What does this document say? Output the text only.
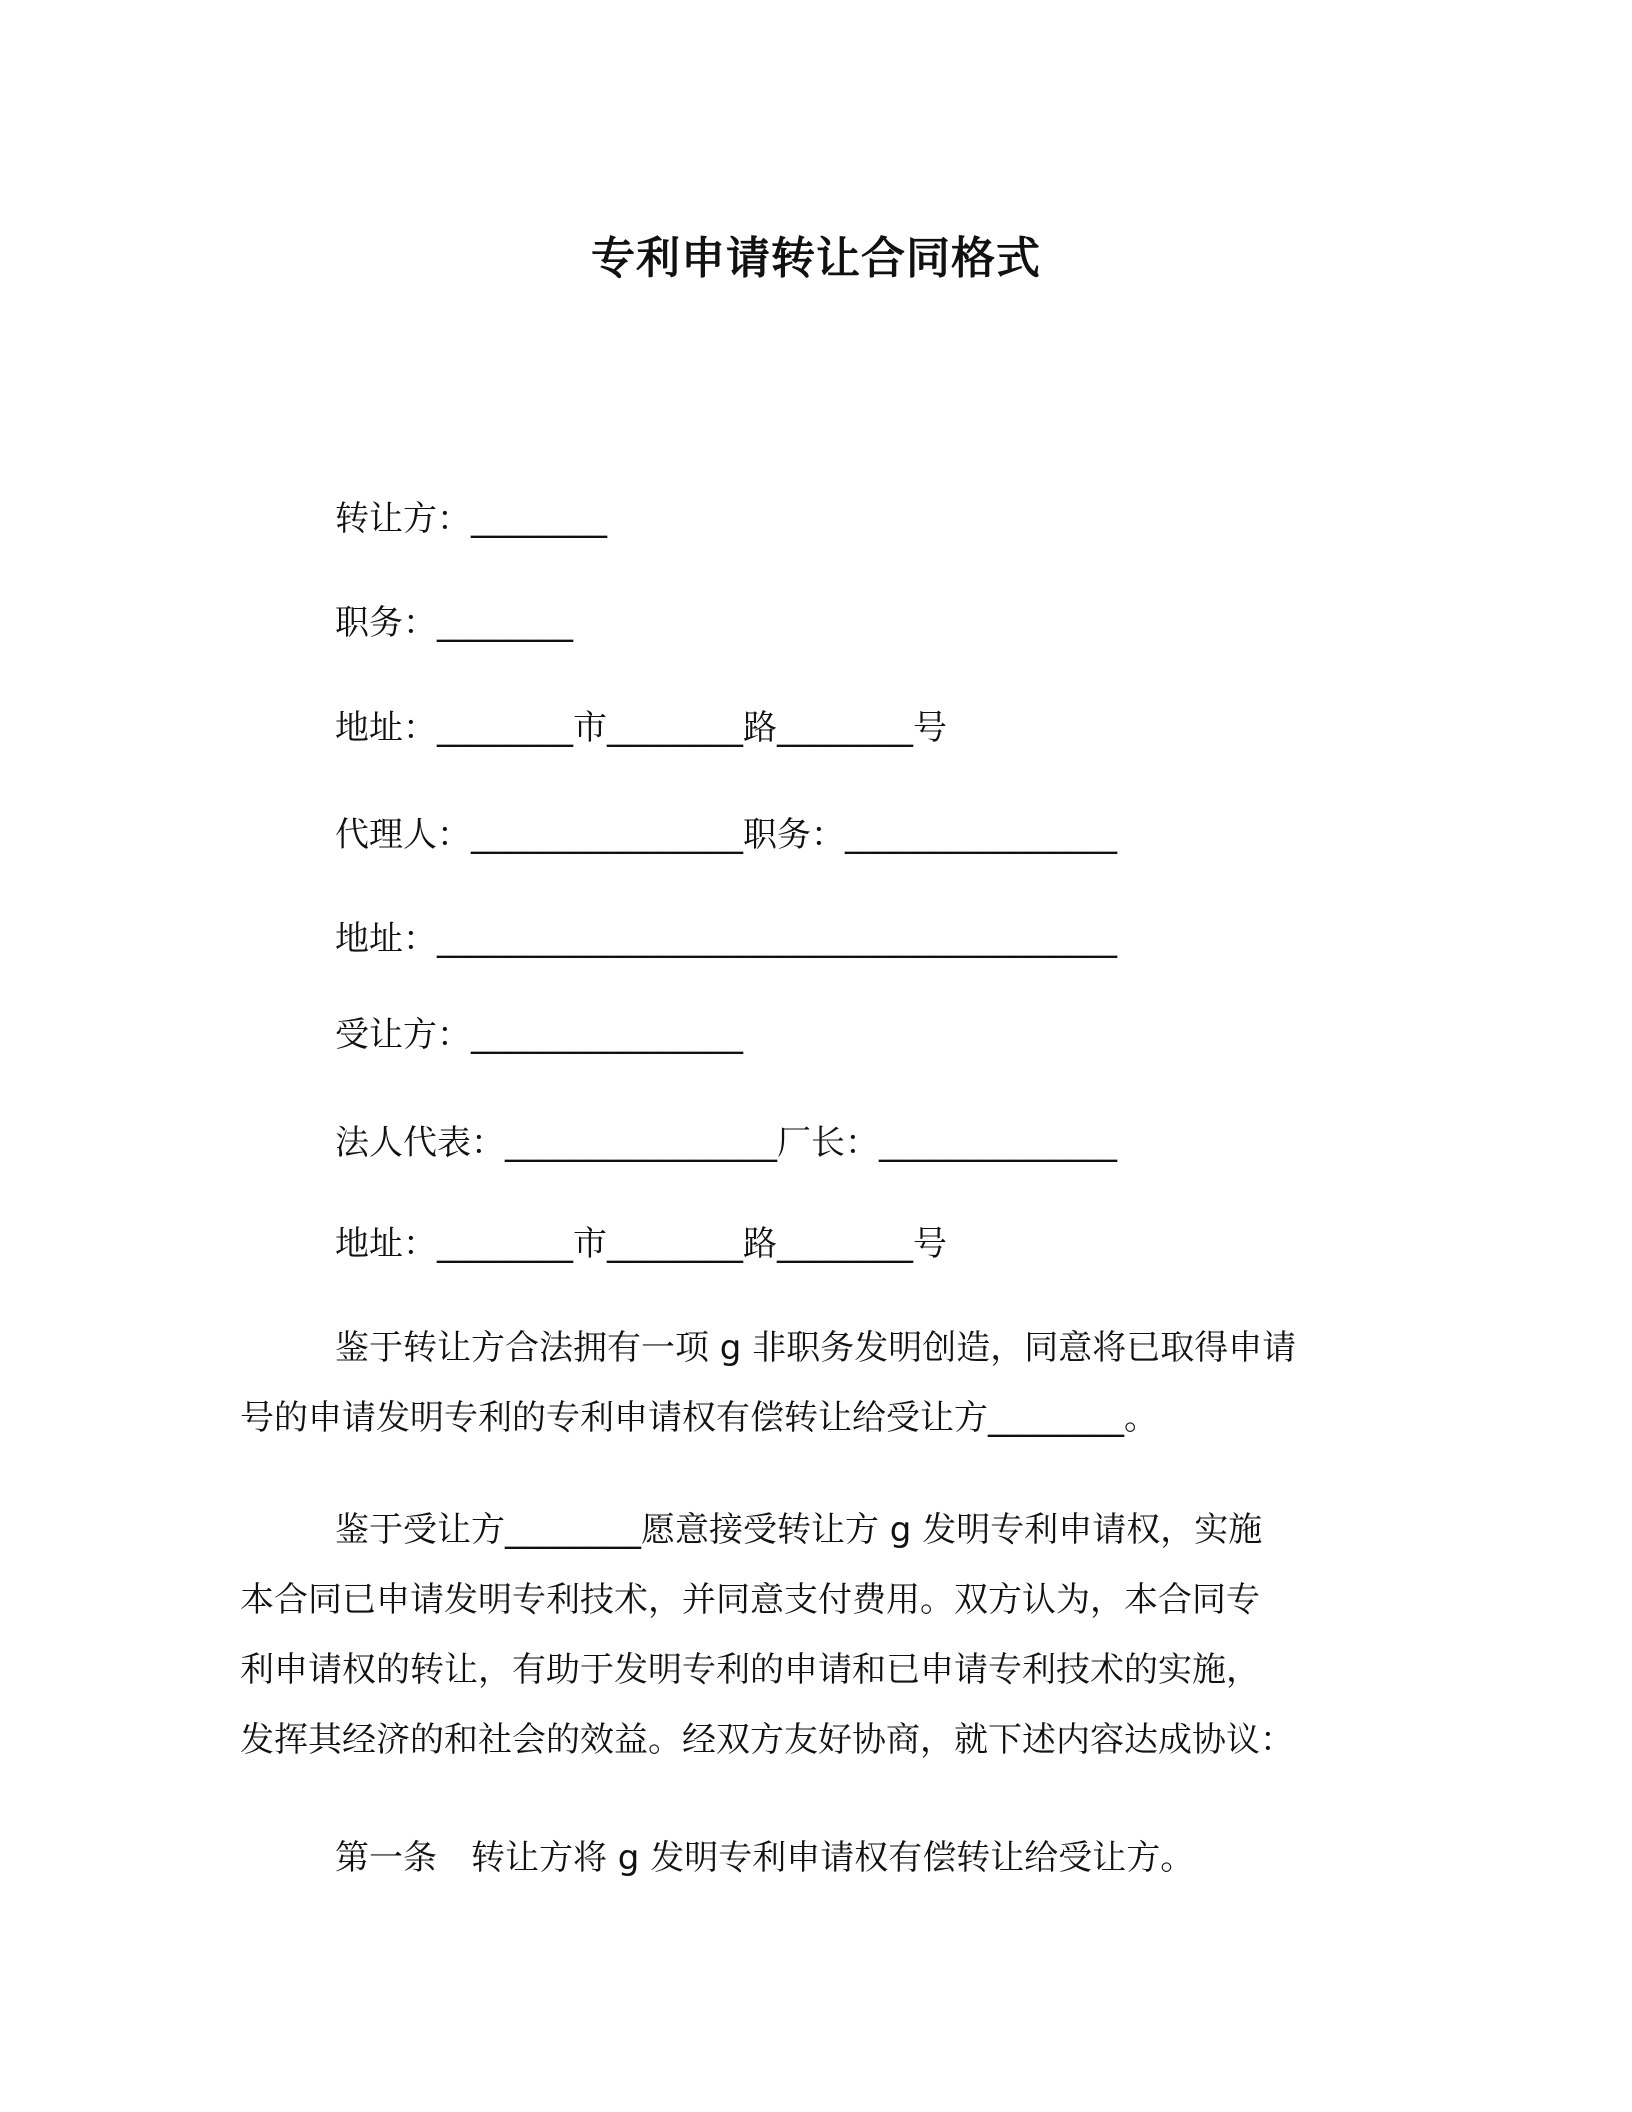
专利申请转让合同格式
转让方：________
职务：________
地址：________市________路________号
代理人：________________职务：________________
地址：________________________________________
受让方：________________
法人代表：________________厂长：______________
地址：________市________路________号
鉴于转让方合法拥有一项 g 非职务发明创造，同意将已取得申请
号的申请发明专利的专利申请权有偿转让给受让方________。
鉴于受让方________愿意接受转让方 g 发明专利申请权，实施
本合同已申请发明专利技术，并同意支付费用。双方认为，本合同专
利申请权的转让，有助于发明专利的申请和已申请专利技术的实施，
发挥其经济的和社会的效益。经双方友好协商，就下述内容达成协议：
第一条　转让方将 g 发明专利申请权有偿转让给受让方。
